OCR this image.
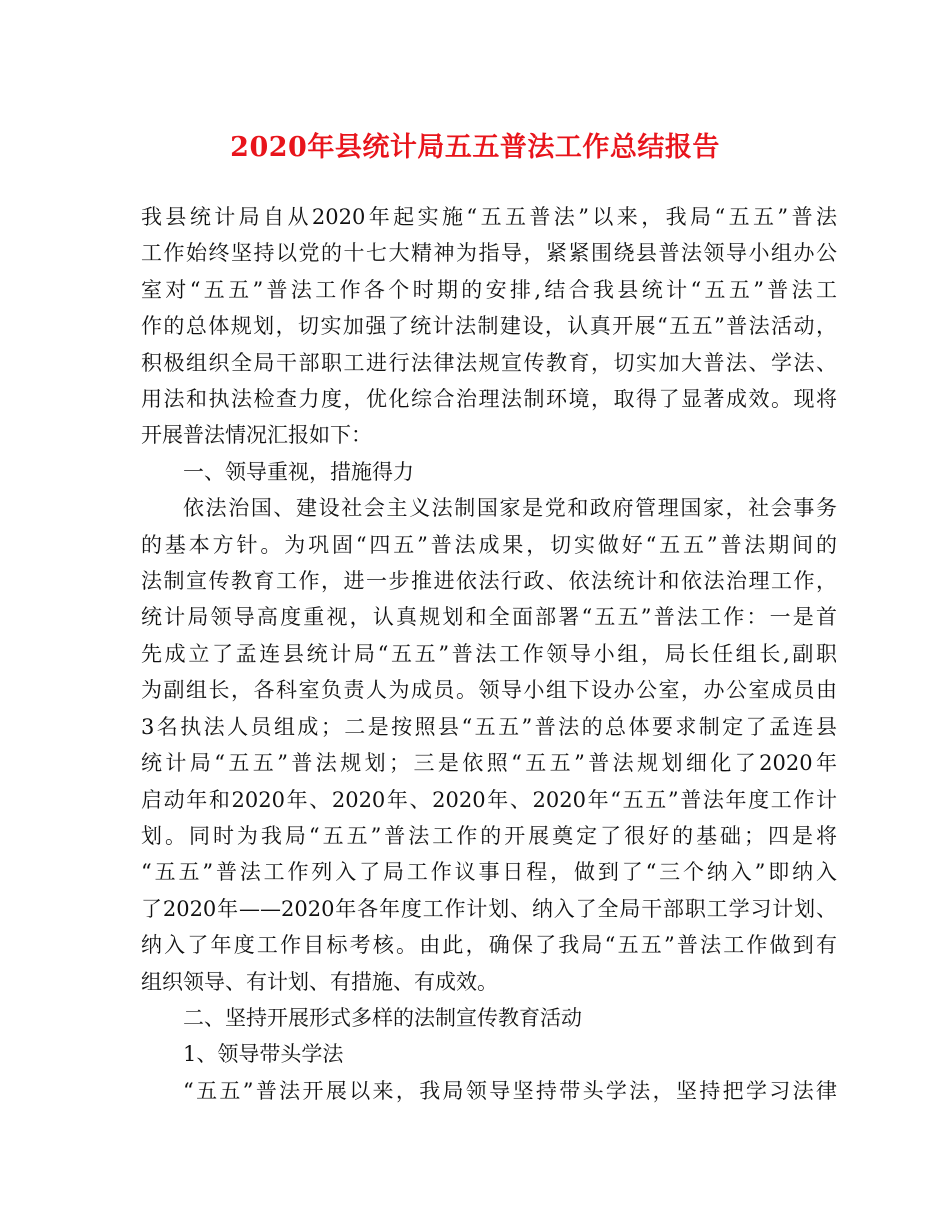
2020年县统计局五五普法工作总结报告
我县统计局自从2020年起实施“五五普法”以来，我局“五五”普法
工作始终坚持以党的十七大精神为指导，紧紧围绕县普法领导小组办公
室对“五五”普法工作各个时期的安排,结合我县统计“五五”普法工
作的总体规划，切实加强了统计法制建设，认真开展“五五”普法活动，
积极组织全局干部职工进行法律法规宣传教育，切实加大普法、学法、
用法和执法检查力度，优化综合治理法制环境，取得了显著成效。现将
开展普法情况汇报如下：
一、领导重视，措施得力
依法治国、建设社会主义法制国家是党和政府管理国家，社会事务
的基本方针。为巩固“四五”普法成果，切实做好“五五”普法期间的
法制宣传教育工作，进一步推进依法行政、依法统计和依法治理工作，
统计局领导高度重视，认真规划和全面部署“五五”普法工作：一是首
先成立了孟连县统计局“五五”普法工作领导小组，局长任组长,副职
为副组长，各科室负责人为成员。领导小组下设办公室，办公室成员由
3名执法人员组成；二是按照县“五五”普法的总体要求制定了孟连县
统计局“五五”普法规划；三是依照“五五”普法规划细化了2020年
启动年和2020年、2020年、2020年、2020年“五五”普法年度工作计
划。同时为我局“五五”普法工作的开展奠定了很好的基础；四是将
“五五”普法工作列入了局工作议事日程，做到了“三个纳入”即纳入
了2020年——2020年各年度工作计划、纳入了全局干部职工学习计划、
纳入了年度工作目标考核。由此，确保了我局“五五”普法工作做到有
组织领导、有计划、有措施、有成效。
二、坚持开展形式多样的法制宣传教育活动
1、领导带头学法
“五五”普法开展以来，我局领导坚持带头学法，坚持把学习法律
